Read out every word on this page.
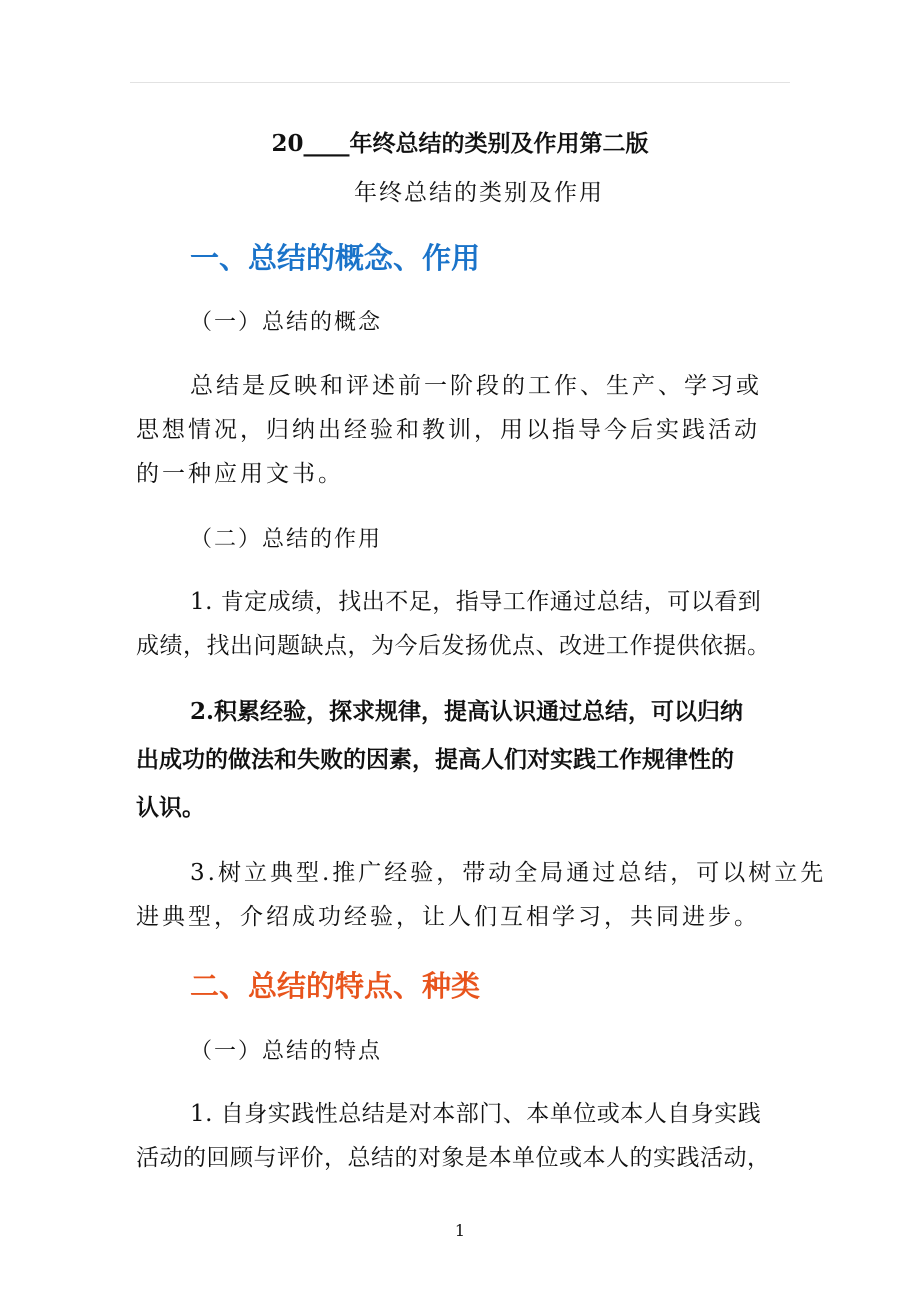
20____年终总结的类别及作用第二版
年终总结的类别及作用
一、总结的概念、作用
（一）总结的概念
总结是反映和评述前一阶段的工作、生产、学习或
思想情况，归纳出经验和教训，用以指导今后实践活动
的一种应用文书。
（二）总结的作用
1. 肯定成绩，找出不足，指导工作通过总结，可以看到
成绩，找出问题缺点，为今后发扬优点、改进工作提供依据。
2.积累经验，探求规律，提高认识通过总结，可以归纳
出成功的做法和失败的因素，提高人们对实践工作规律性的
认识。
3.树立典型.推广经验，带动全局通过总结，可以树立先
进典型，介绍成功经验，让人们互相学习，共同进步。
二、总结的特点、种类
（一）总结的特点
1. 自身实践性总结是对本部门、本单位或本人自身实践
活动的回顾与评价，总结的对象是本单位或本人的实践活动，
1
